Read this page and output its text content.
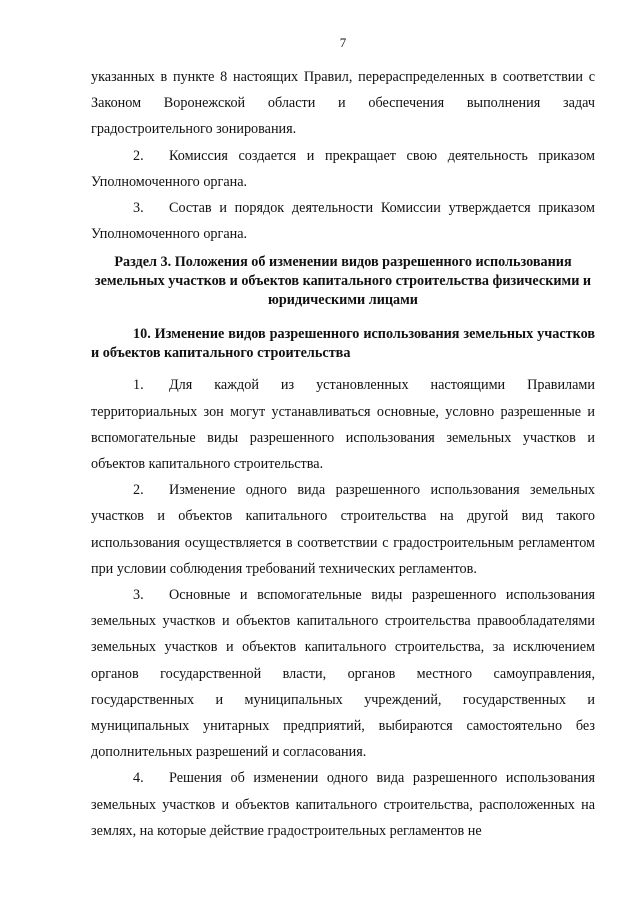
7

указанных в пункте 8 настоящих Правил, перераспределенных в соответствии с Законом Воронежской области и обеспечения выполнения задач градостроительного зонирования.

2. Комиссия создается и прекращает свою деятельность приказом Уполномоченного органа.

3. Состав и порядок деятельности Комиссии утверждается приказом Уполномоченного органа.

Раздел 3. Положения об изменении видов разрешенного использования земельных участков и объектов капитального строительства физическими и юридическими лицами
10. Изменение видов разрешенного использования земельных участков и объектов капитального строительства

1. Для каждой из установленных настоящими Правилами территориальных зон могут устанавливаться основные, условно разрешенные и вспомогательные виды разрешенного использования земельных участков и объектов капитального строительства.

2. Изменение одного вида разрешенного использования земельных участков и объектов капитального строительства на другой вид такого использования осуществляется в соответствии с градостроительным регламентом при условии соблюдения требований технических регламентов.

3. Основные и вспомогательные виды разрешенного использования земельных участков и объектов капитального строительства правообладателями земельных участков и объектов капитального строительства, за исключением органов государственной власти, органов местного самоуправления, государственных и муниципальных учреждений, государственных и муниципальных унитарных предприятий, выбираются самостоятельно без дополнительных разрешений и согласования.

4. Решения об изменении одного вида разрешенного использования земельных участков и объектов капитального строительства, расположенных на землях, на которые действие градостроительных регламентов не
